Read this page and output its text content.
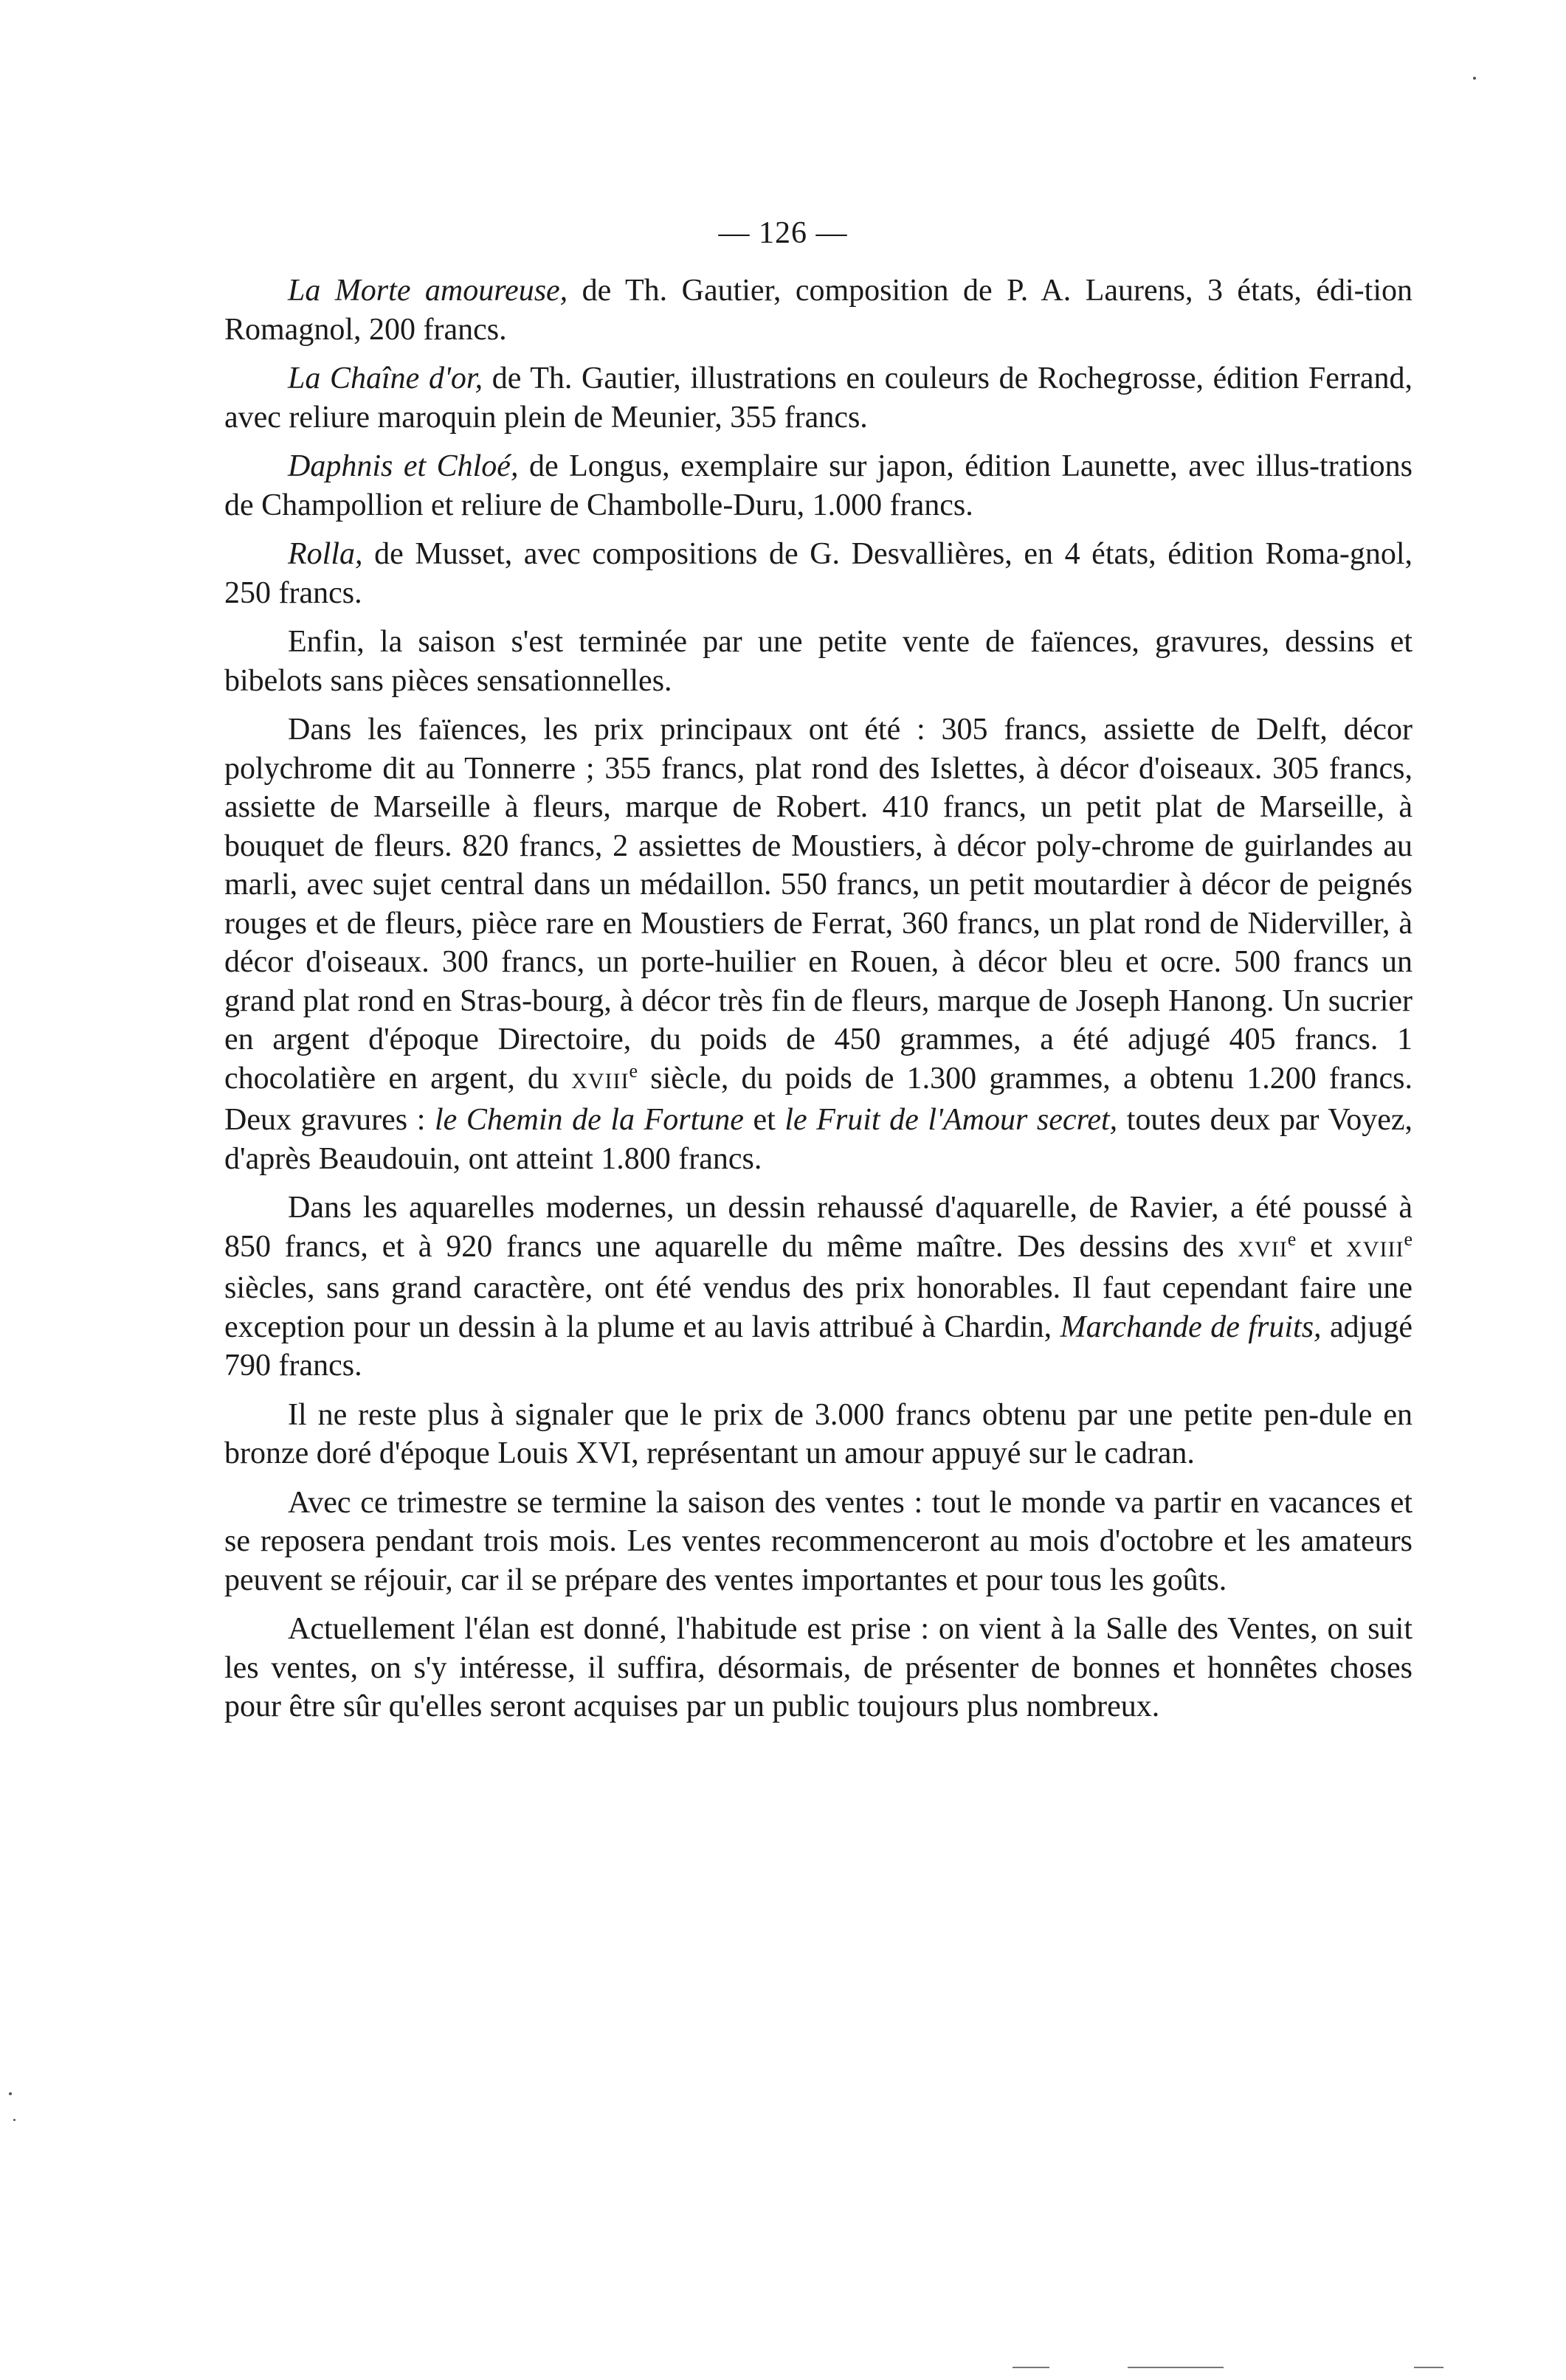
— 126 —

La Morte amoureuse, de Th. Gautier, composition de P. A. Laurens, 3 états, édi-tion Romagnol, 200 francs.

La Chaîne d'or, de Th. Gautier, illustrations en couleurs de Rochegrosse, édition Ferrand, avec reliure maroquin plein de Meunier, 355 francs.

Daphnis et Chloé, de Longus, exemplaire sur japon, édition Launette, avec illus-trations de Champollion et reliure de Chambolle-Duru, 1.000 francs.

Rolla, de Musset, avec compositions de G. Desvallières, en 4 états, édition Roma-gnol, 250 francs.

Enfin, la saison s'est terminée par une petite vente de faïences, gravures, dessins et bibelots sans pièces sensationnelles.

Dans les faïences, les prix principaux ont été : 305 francs, assiette de Delft, décor polychrome dit au Tonnerre ; 355 francs, plat rond des Islettes, à décor d'oiseaux. 305 francs, assiette de Marseille à fleurs, marque de Robert. 410 francs, un petit plat de Marseille, à bouquet de fleurs. 820 francs, 2 assiettes de Moustiers, à décor poly-chrome de guirlandes au marli, avec sujet central dans un médaillon. 550 francs, un petit moutardier à décor de peignés rouges et de fleurs, pièce rare en Moustiers de Ferrat, 360 francs, un plat rond de Niderviller, à décor d'oiseaux. 300 francs, un porte-huilier en Rouen, à décor bleu et ocre. 500 francs un grand plat rond en Stras-bourg, à décor très fin de fleurs, marque de Joseph Hanong. Un sucrier en argent d'époque Directoire, du poids de 450 grammes, a été adjugé 405 francs. 1 chocolatière en argent, du XVIIIe siècle, du poids de 1.300 grammes, a obtenu 1.200 francs. Deux gravures : le Chemin de la Fortune et le Fruit de l'Amour secret, toutes deux par Voyez, d'après Beaudouin, ont atteint 1.800 francs.

Dans les aquarelles modernes, un dessin rehaussé d'aquarelle, de Ravier, a été poussé à 850 francs, et à 920 francs une aquarelle du même maître. Des dessins des XVIIe et XVIIIe siècles, sans grand caractère, ont été vendus des prix honorables. Il faut cependant faire une exception pour un dessin à la plume et au lavis attribué à Chardin, Marchande de fruits, adjugé 790 francs.

Il ne reste plus à signaler que le prix de 3.000 francs obtenu par une petite pen-dule en bronze doré d'époque Louis XVI, représentant un amour appuyé sur le cadran.

Avec ce trimestre se termine la saison des ventes : tout le monde va partir en vacances et se reposera pendant trois mois. Les ventes recommenceront au mois d'octobre et les amateurs peuvent se réjouir, car il se prépare des ventes importantes et pour tous les goûts.

Actuellement l'élan est donné, l'habitude est prise : on vient à la Salle des Ventes, on suit les ventes, on s'y intéresse, il suffira, désormais, de présenter de bonnes et honnêtes choses pour être sûr qu'elles seront acquises par un public toujours plus nombreux.
